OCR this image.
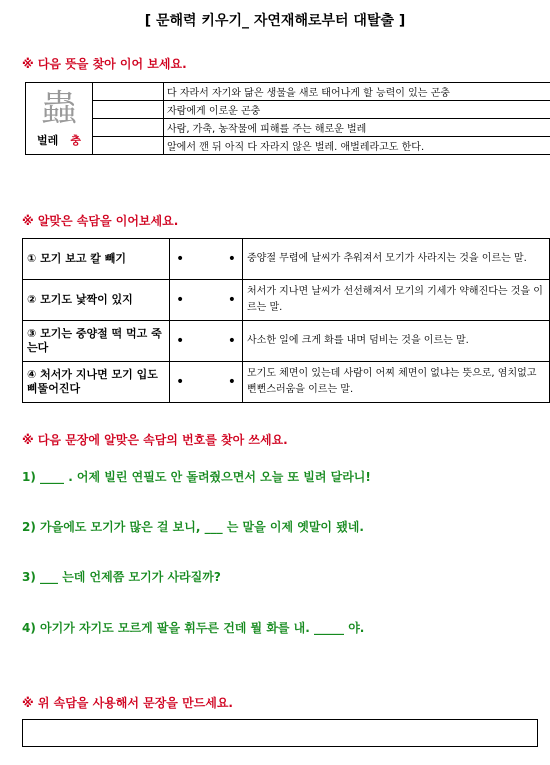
[ 문해력 키우기_ 자연재해로부터 대탈출 ]
※ 다음 뜻을 찾아 이어 보세요.
蟲
벌레 충		다 자라서 자기와 닮은 생물을 새로 태어나게 할 능력이 있는 곤충
		자람에게 이로운 곤충
		사람, 가축, 농작물에 피해를 주는 해로운 벌레
		알에서 깬 뒤 아직 다 자라지 않은 벌레. 애벌레라고도 한다.
※ 알맞은 속담을 이어보세요.
① 모기 보고 칼 빼기	• •	중양절 무렵에 날씨가 추워져서 모기가 사라지는 것을 이르는 말.
② 모기도 낯짝이 있지	• •	처서가 지나면 날씨가 선선해져서 모기의 기세가 약해진다는 것을 이르는 말.
③ 모기는 중양절 떡 먹고 죽는다	• •	사소한 일에 크게 화를 내며 덤비는 것을 이르는 말.
④ 처서가 지나면 모기 입도 삐뚤어진다	• •	모기도 체면이 있는데 사람이 어찌 체면이 없냐는 뜻으로, 염치없고 뻔뻔스러움을 이르는 말.
※ 다음 문장에 알맞은 속담의 번호를 찾아 쓰세요.
1) ____ . 어제 빌린 연필도 안 돌려줬으면서 오늘 또 빌려 달라니!
2) 가을에도 모기가 많은 걸 보니, ___ 는 말을 이제 옛말이 됐네.
3) ___ 는데 언제쯤 모기가 사라질까?
4) 아기가 자기도 모르게 팔을 휘두른 건데 뭘 화를 내. _____ 야.
※ 위 속담을 사용해서 문장을 만드세요.
